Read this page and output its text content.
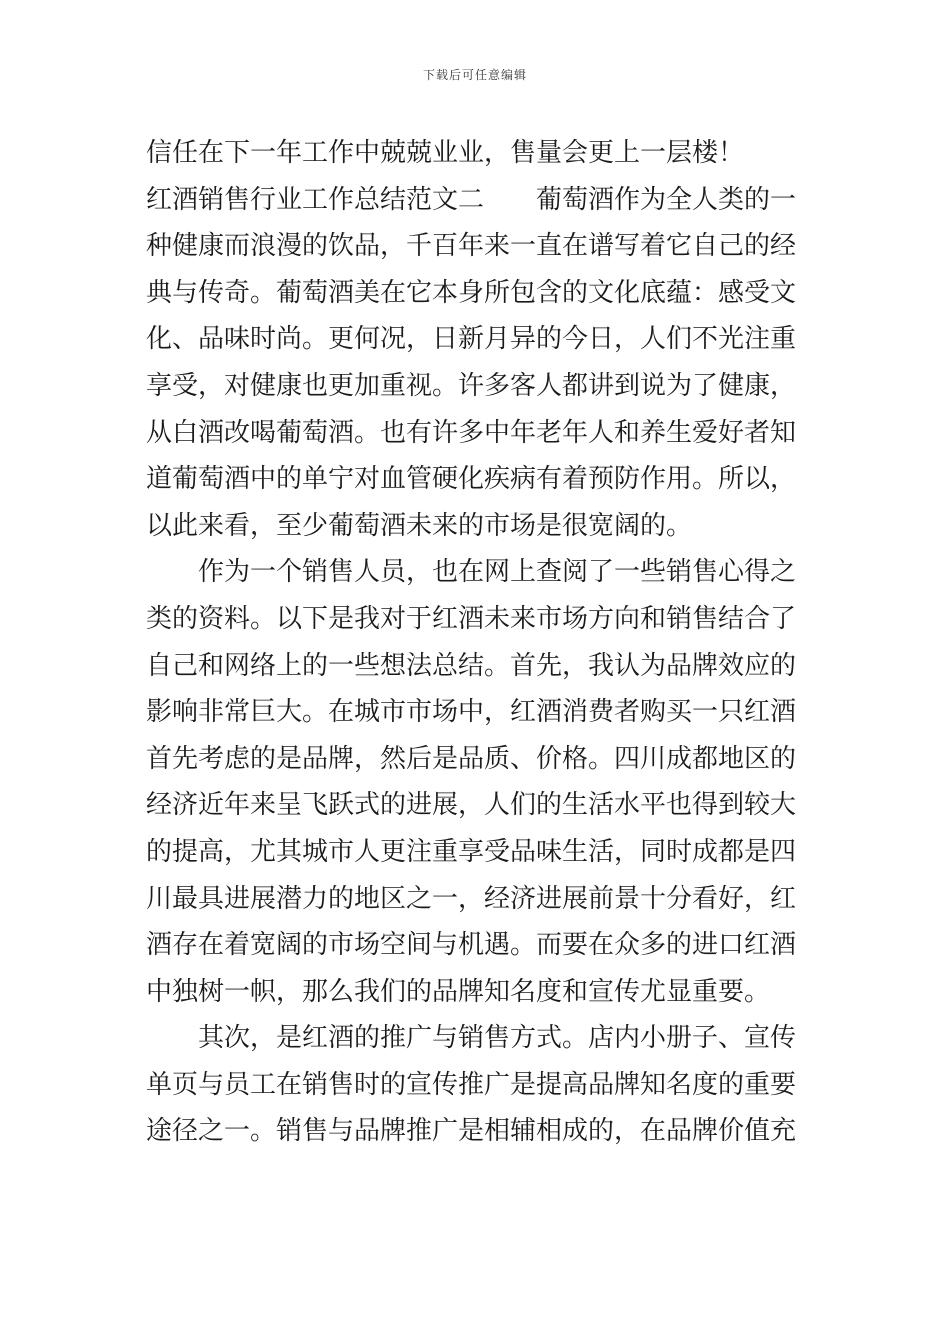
下载后可任意编辑
信任在下一年工作中兢兢业业，售量会更上一层楼！
红酒销售行业工作总结范文二 葡萄酒作为全人类的一
种健康而浪漫的饮品，千百年来一直在谱写着它自己的经
典与传奇。葡萄酒美在它本身所包含的文化底蕴：感受文
化、品味时尚。更何况，日新月异的今日，人们不光注重
享受，对健康也更加重视。许多客人都讲到说为了健康，
从白酒改喝葡萄酒。也有许多中年老年人和养生爱好者知
道葡萄酒中的单宁对血管硬化疾病有着预防作用。所以，
以此来看，至少葡萄酒未来的市场是很宽阔的。
作为一个销售人员，也在网上查阅了一些销售心得之
类的资料。以下是我对于红酒未来市场方向和销售结合了
自己和网络上的一些想法总结。首先，我认为品牌效应的
影响非常巨大。在城市市场中，红酒消费者购买一只红酒
首先考虑的是品牌，然后是品质、价格。四川成都地区的
经济近年来呈飞跃式的进展，人们的生活水平也得到较大
的提高，尤其城市人更注重享受品味生活，同时成都是四
川最具进展潜力的地区之一，经济进展前景十分看好，红
酒存在着宽阔的市场空间与机遇。而要在众多的进口红酒
中独树一帜，那么我们的品牌知名度和宣传尤显重要。
其次，是红酒的推广与销售方式。店内小册子、宣传
单页与员工在销售时的宣传推广是提高品牌知名度的重要
途径之一。销售与品牌推广是相辅相成的，在品牌价值充
